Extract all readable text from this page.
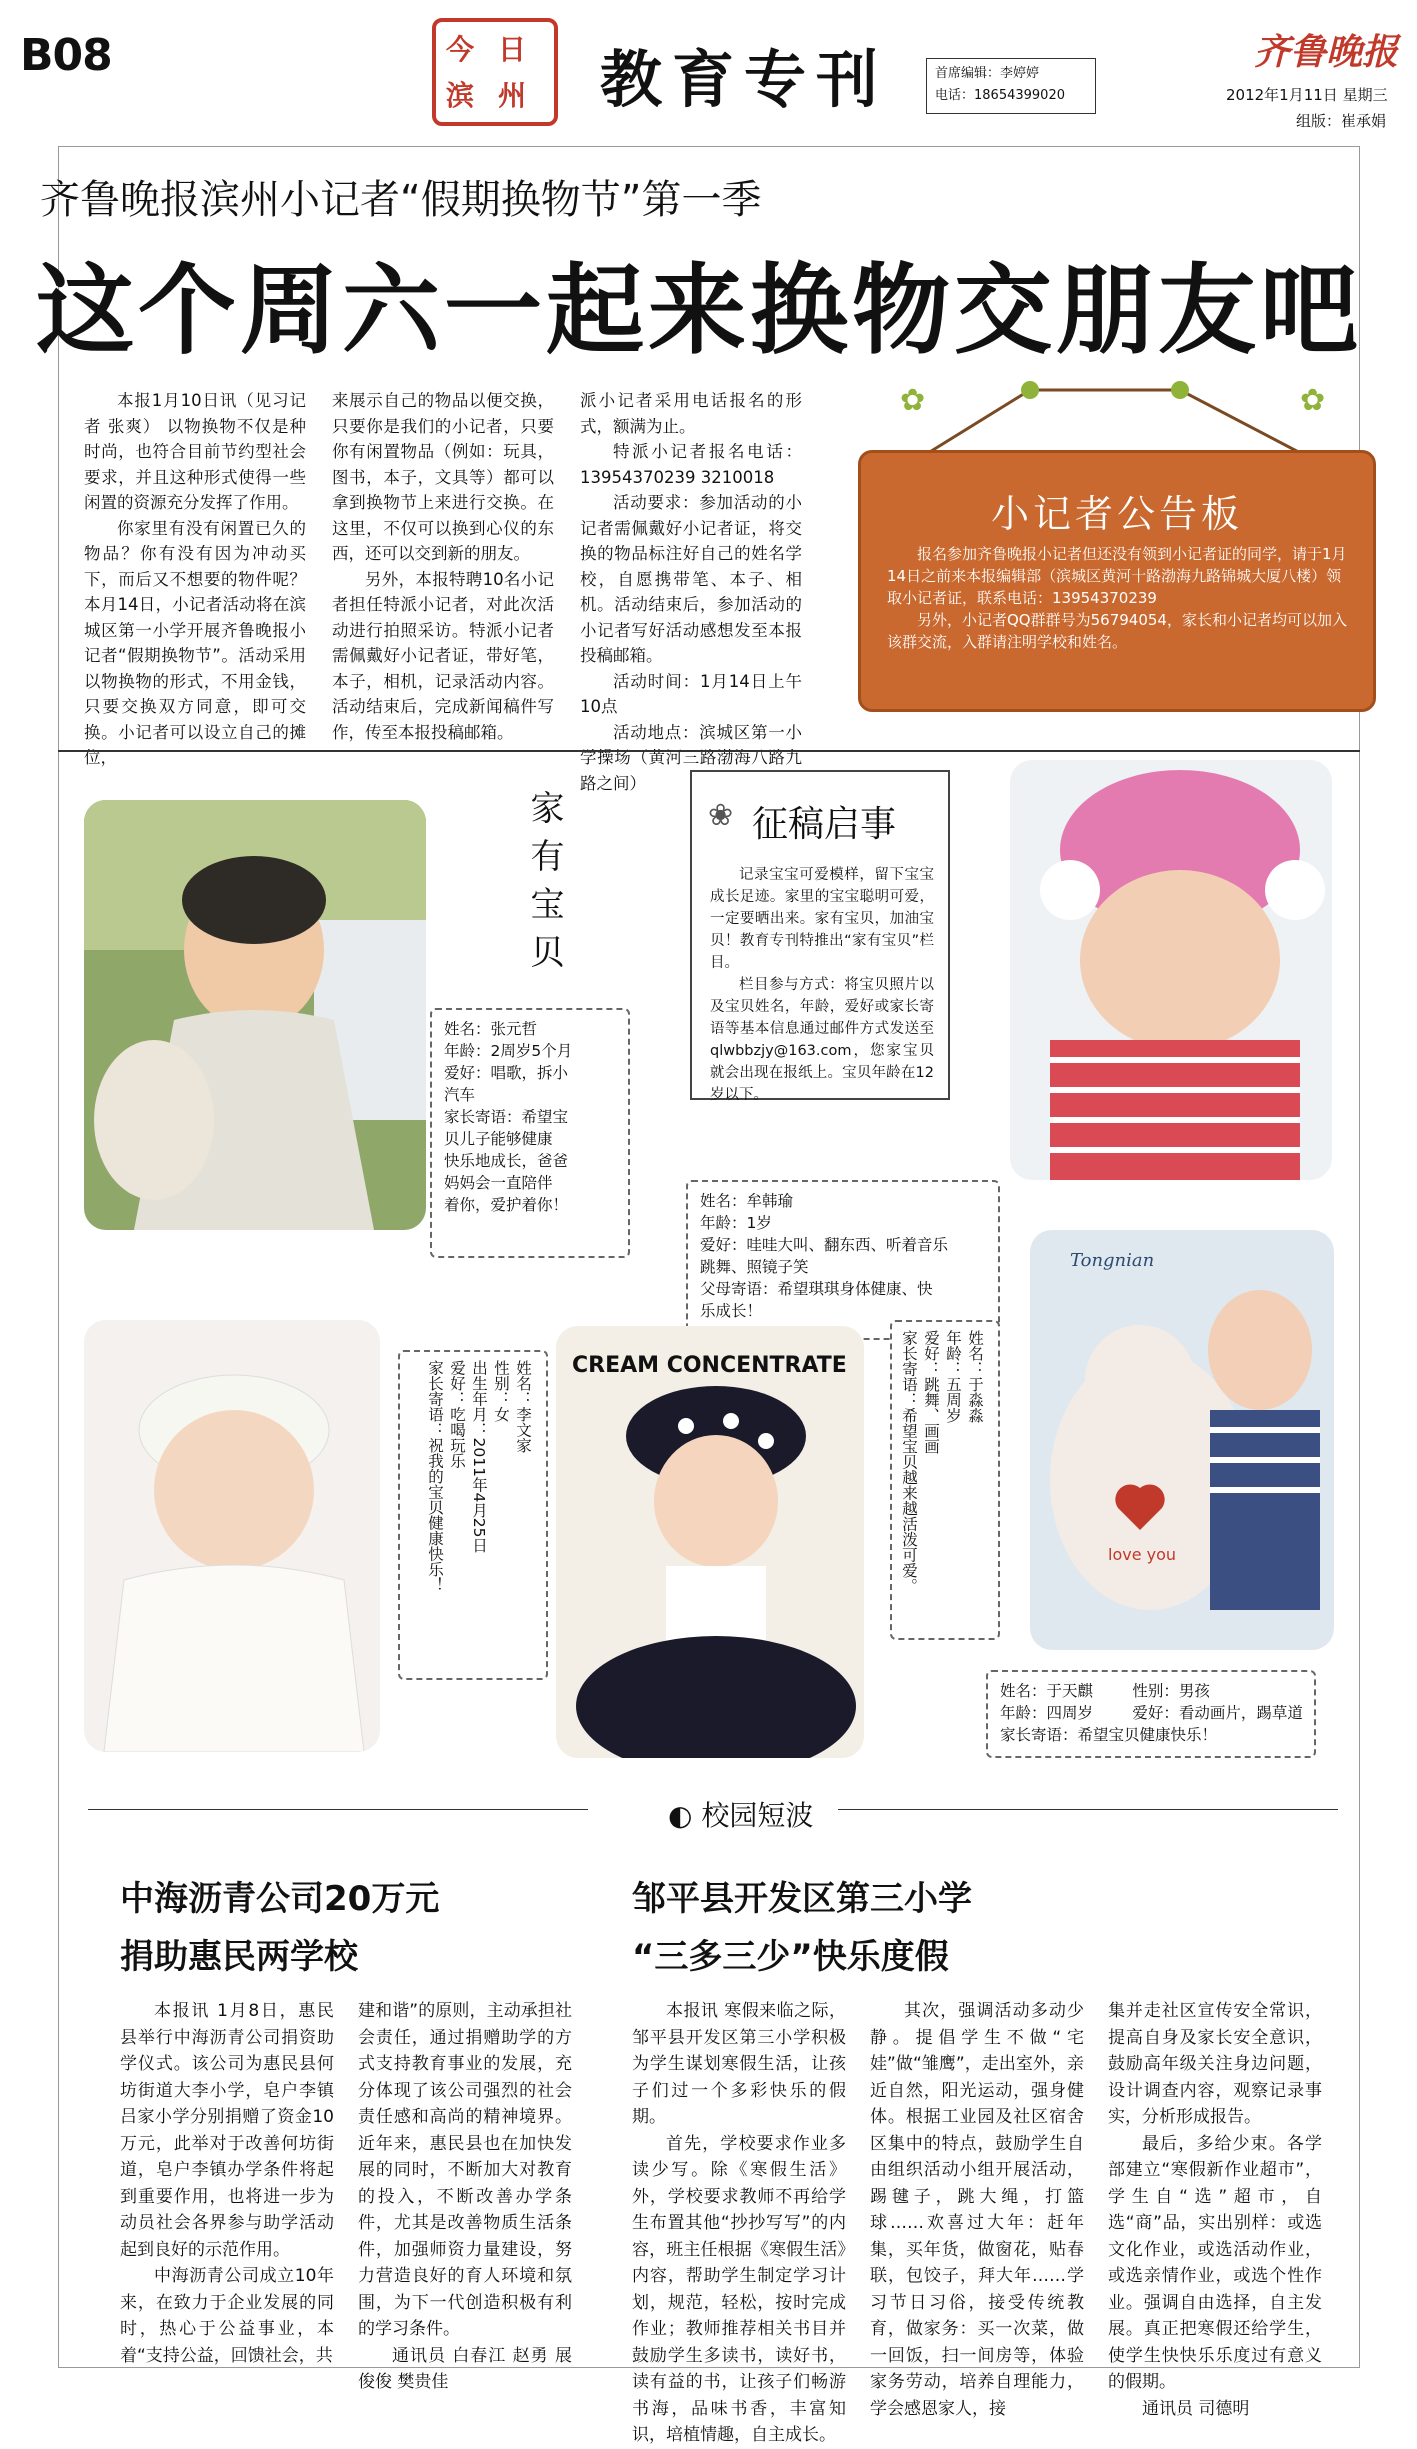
B08	今 日
滨 州 教育专刊	首席编辑：李婷婷
电话：18654399020
齐鲁晚报
2012年1月11日 星期三
组版：崔承娟
齐鲁晚报滨州小记者“假期换物节”第一季
这个周六一起来换物交朋友吧

本报1月10日讯（见习记者 张爽） 以物换物不仅是种时尚，也符合目前节约型社会要求，并且这种形式使得一些闲置的资源充分发挥了作用。

你家里有没有闲置已久的物品？你有没有因为冲动买下，而后又不想要的物件呢？本月14日，小记者活动将在滨城区第一小学开展齐鲁晚报小记者“假期换物节”。活动采用以物换物的形式，不用金钱，只要交换双方同意，即可交换。小记者可以设立自己的摊位，

来展示自己的物品以便交换，只要你是我们的小记者，只要你有闲置物品（例如：玩具，图书，本子，文具等）都可以拿到换物节上来进行交换。在这里，不仅可以换到心仪的东西，还可以交到新的朋友。

另外，本报特聘10名小记者担任特派小记者，对此次活动进行拍照采访。特派小记者需佩戴好小记者证，带好笔，本子，相机，记录活动内容。活动结束后，完成新闻稿件写作，传至本报投稿邮箱。

派小记者采用电话报名的形式，额满为止。

特派小记者报名电话：13954370239 3210018

活动要求：参加活动的小记者需佩戴好小记者证，将交换的物品标注好自己的姓名学校，自愿携带笔、本子、相机。活动结束后，参加活动的小记者写好活动感想发至本报投稿邮箱。

活动时间：1月14日上午10点

活动地点：滨城区第一小学操场（黄河三路渤海八路九路之间）

✿	✿
小记者公告板

报名参加齐鲁晚报小记者但还没有领到小记者证的同学，请于1月14日之前来本报编辑部（滨城区黄河十路渤海九路锦城大厦八楼）领取小记者证，联系电话：13954370239

另外，小记者QQ群群号为56794054，家长和小记者均可以加入该群交流，入群请注明学校和姓名。

家有宝贝	❀ 征稿启事

记录宝宝可爱模样，留下宝宝成长足迹。家里的宝宝聪明可爱，一定要晒出来。家有宝贝，加油宝贝！教育专刊特推出“家有宝贝”栏目。

栏目参与方式：将宝贝照片以及宝贝姓名，年龄，爱好或家长寄语等基本信息通过邮件方式发送至qlwbbzjy@163.com，您家宝贝就会出现在报纸上。宝贝年龄在12岁以下。

姓名：张元哲
年龄：2周岁5个月
爱好：唱歌，拆小
汽车
家长寄语：希望宝
贝儿子能够健康
快乐地成长，爸爸
妈妈会一直陪伴
着你，爱护着你！	姓名：牟韩瑜
年龄：1岁
爱好：哇哇大叫、翻东西、听着音乐
跳舞、照镜子笑
父母寄语：希望琪琪身体健康、快
乐成长！
姓名：李文家
性别：女
出生年月：2011年4月25日
爱好：吃喝玩乐
家长寄语：祝我的宝贝健康快乐！	CREAM CONCENTRATE	姓名：于淼淼
年龄：五周岁
爱好：跳舞、画画
家长寄语：希望宝贝越来越活泼可爱。
Tongnian
love you
姓名：于天麒        性别：男孩
年龄：四周岁        爱好：看动画片，踢草道
家长寄语：希望宝贝健康快乐！
◐ 校园短波
中海沥青公司20万元
捐助惠民两学校

本报讯 1月8日，惠民县举行中海沥青公司捐资助学仪式。该公司为惠民县何坊街道大李小学，皂户李镇吕家小学分别捐赠了资金10万元，此举对于改善何坊街道，皂户李镇办学条件将起到重要作用，也将进一步为动员社会各界参与助学活动起到良好的示范作用。

中海沥青公司成立10年来，在致力于企业发展的同时，热心于公益事业，本着“支持公益，回馈社会，共

建和谐”的原则，主动承担社会责任，通过捐赠助学的方式支持教育事业的发展，充分体现了该公司强烈的社会责任感和高尚的精神境界。近年来，惠民县也在加快发展的同时，不断加大对教育的投入，不断改善办学条件，尤其是改善物质生活条件，加强师资力量建设，努力营造良好的育人环境和氛围，为下一代创造积极有利的学习条件。

通讯员 白春江 赵勇 展俊俊 樊贵佳

邹平县开发区第三小学
“三多三少”快乐度假

本报讯 寒假来临之际，邹平县开发区第三小学积极为学生谋划寒假生活，让孩子们过一个多彩快乐的假期。

首先，学校要求作业多读少写。除《寒假生活》外，学校要求教师不再给学生布置其他“抄抄写写”的内容，班主任根据《寒假生活》内容，帮助学生制定学习计划，规范，轻松，按时完成作业；教师推荐相关书目并鼓励学生多读书，读好书，读有益的书，让孩子们畅游书海，品味书香，丰富知识，培植情趣，自主成长。

其次，强调活动多动少静。提倡学生不做“宅娃”做“雏鹰”，走出室外，亲近自然，阳光运动，强身健体。根据工业园及社区宿舍区集中的特点，鼓励学生自由组织活动小组开展活动，踢毽子，跳大绳，打篮球……欢喜过大年：赶年集，买年货，做窗花，贴春联，包饺子，拜大年……学习节日习俗，接受传统教育，做家务：买一次菜，做一回饭，扫一间房等，体验家务劳动，培养自理能力，学会感恩家人，接

集并走社区宣传安全常识，提高自身及家长安全意识，鼓励高年级关注身边问题，设计调查内容，观察记录事实，分析形成报告。

最后，多给少束。各学部建立“寒假新作业超市”，学生自“选”超市，自选“商”品，实出别样：或选文化作业，或选活动作业，或选亲情作业，或选个性作业。强调自由选择，自主发展。真正把寒假还给学生，使学生快快乐乐度过有意义的假期。

通讯员 司德明
